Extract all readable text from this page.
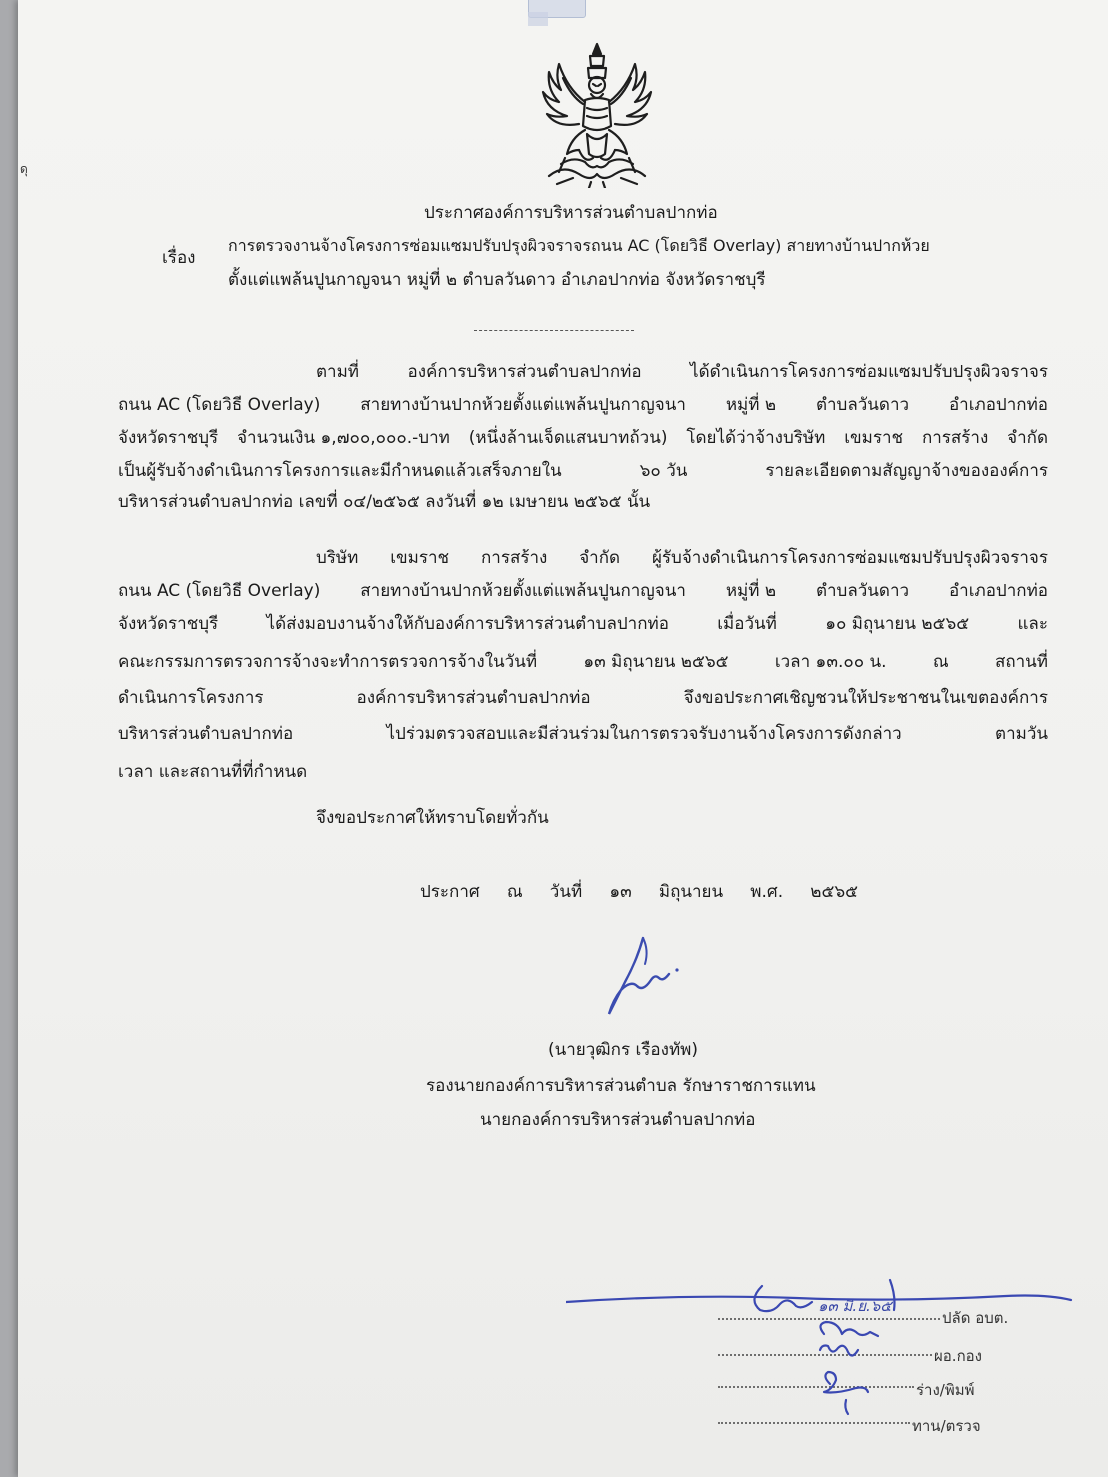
ดุ
ประกาศองค์การบริหารส่วนตำบลปากท่อ
เรื่อง
การตรวจงานจ้างโครงการซ่อมแซมปรับปรุงผิวจราจรถนน AC (โดยวิธี Overlay) สายทางบ้านปากห้วย
ตั้งแต่แพล้นปูนกาญจนา หมู่ที่ ๒ ตำบลวันดาว อำเภอปากท่อ จังหวัดราชบุรี
ตามที่	องค์การบริหารส่วนตำบลปากท่อ	ได้ดำเนินการโครงการซ่อมแซมปรับปรุงผิวจราจร
ถนน AC (โดยวิธี Overlay) สายทางบ้านปากห้วยตั้งแต่แพล้นปูนกาญจนา หมู่ที่ ๒ ตำบลวันดาว อำเภอปากท่อ
จังหวัดราชบุรี จำนวนเงิน ๑,๗๐๐,๐๐๐.-บาท (หนึ่งล้านเจ็ดแสนบาทถ้วน) โดยได้ว่าจ้างบริษัท เขมราช การสร้าง จำกัด
เป็นผู้รับจ้างดำเนินการโครงการและมีกำหนดแล้วเสร็จภายใน	๖๐ วัน	รายละเอียดตามสัญญาจ้างขององค์การ
บริหารส่วนตำบลปากท่อ เลขที่ ๐๔/๒๕๖๕ ลงวันที่ ๑๒ เมษายน ๒๕๖๕ นั้น
บริษัท เขมราช การสร้าง จำกัด ผู้รับจ้างดำเนินการโครงการซ่อมแซมปรับปรุงผิวจราจร
ถนน AC (โดยวิธี Overlay) สายทางบ้านปากห้วยตั้งแต่แพล้นปูนกาญจนา หมู่ที่ ๒ ตำบลวันดาว อำเภอปากท่อ
จังหวัดราชบุรี	ได้ส่งมอบงานจ้างให้กับองค์การบริหารส่วนตำบลปากท่อ	เมื่อวันที่	๑๐ มิถุนายน ๒๕๖๕	และ
คณะกรรมการตรวจการจ้างจะทำการตรวจการจ้างในวันที่	๑๓ มิถุนายน ๒๕๖๕	เวลา ๑๓.๐๐ น.	ณ	สถานที่
ดำเนินการโครงการ	องค์การบริหารส่วนตำบลปากท่อ	จึงขอประกาศเชิญชวนให้ประชาชนในเขตองค์การ
บริหารส่วนตำบลปากท่อ	ไปร่วมตรวจสอบและมีส่วนร่วมในการตรวจรับงานจ้างโครงการดังกล่าว	ตามวัน
เวลา และสถานที่ที่กำหนด
จึงขอประกาศให้ทราบโดยทั่วกัน
ประกาศ ณ วันที่ ๑๓ มิถุนายน พ.ศ. ๒๕๖๕
(นายวุฒิกร เรืองทัพ)
รองนายกองค์การบริหารส่วนตำบล รักษาราชการแทน
นายกองค์การบริหารส่วนตำบลปากท่อ
ปลัด อบต.
ผอ.กอง
ร่าง/พิมพ์
ทาน/ตรวจ
๑๓ มิ.ย.๖๕
